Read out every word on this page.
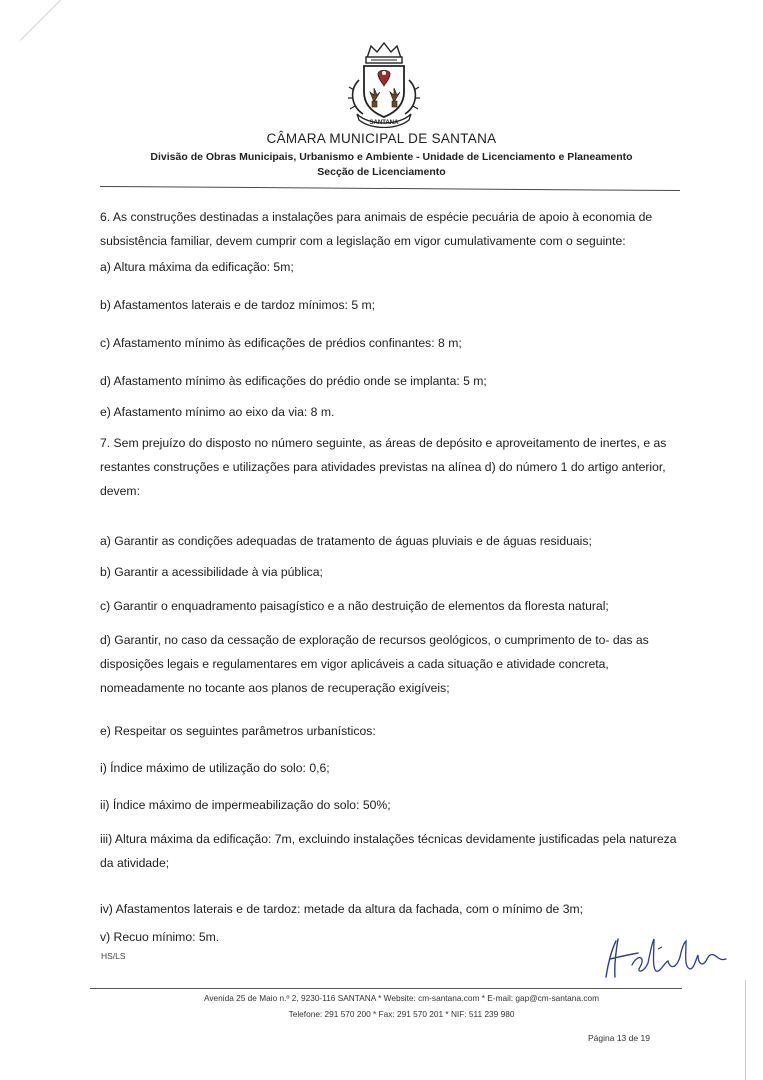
SANTANA
CÂMARA MUNICIPAL DE SANTANA
Divisão de Obras Municipais, Urbanismo e Ambiente - Unidade de Licenciamento e Planeamento
Secção de Licenciamento

6. As construções destinadas a instalações para animais de espécie pecuária de apoio à economia de subsistência familiar, devem cumprir com a legislação em vigor cumulativamente com o seguinte:

a) Altura máxima da edificação: 5m;

b) Afastamentos laterais e de tardoz mínimos: 5 m;

c) Afastamento mínimo às edificações de prédios confinantes: 8 m;

d) Afastamento mínimo às edificações do prédio onde se implanta: 5 m;

e) Afastamento mínimo ao eixo da via: 8 m.

7. Sem prejuízo do disposto no número seguinte, as áreas de depósito e aproveitamento de inertes, e as restantes construções e utilizações para atividades previstas na alínea d) do número 1 do artigo anterior, devem:

a) Garantir as condições adequadas de tratamento de águas pluviais e de águas residuais;

b) Garantir a acessibilidade à via pública;

c) Garantir o enquadramento paisagístico e a não destruição de elementos da floresta natural;

d) Garantir, no caso da cessação de exploração de recursos geológicos, o cumprimento de to- das as disposições legais e regulamentares em vigor aplicáveis a cada situação e atividade concreta, nomeadamente no tocante aos planos de recuperação exigíveis;

e) Respeitar os seguintes parâmetros urbanísticos:

i) Índice máximo de utilização do solo: 0,6;

ii) Índice máximo de impermeabilização do solo: 50%;

iii) Altura máxima da edificação: 7m, excluindo instalações técnicas devidamente justificadas pela natureza da atividade;

iv) Afastamentos laterais e de tardoz: metade da altura da fachada, com o mínimo de 3m;

v) Recuo mínimo: 5m.

HS/LS
Avenida 25 de Maio n.º 2, 9230-116 SANTANA * Website: cm-santana.com * E-mail: gap@cm-santana.com
Telefone: 291 570 200 * Fax: 291 570 201 * NIF: 511 239 980
Página 13 de 19
